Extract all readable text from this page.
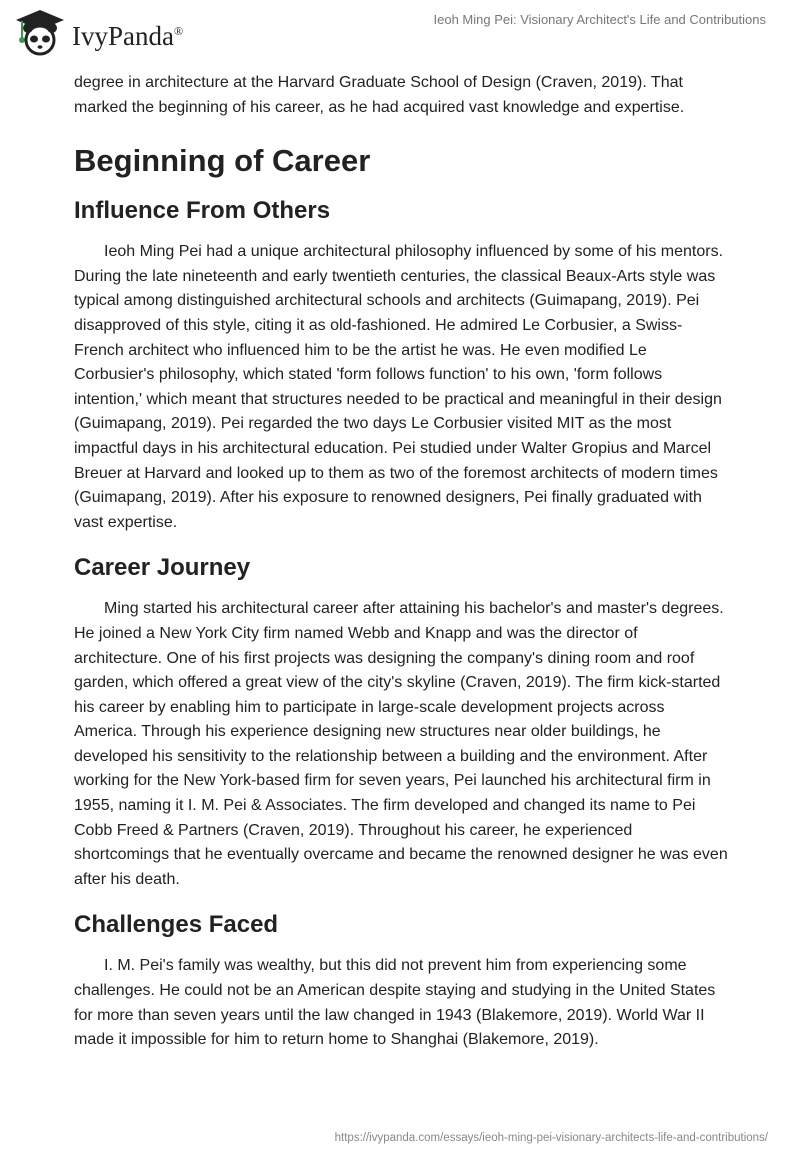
IvyPanda®
Ieoh Ming Pei: Visionary Architect's Life and Contributions

degree in architecture at the Harvard Graduate School of Design (Craven, 2019). That marked the beginning of his career, as he had acquired vast knowledge and expertise.

Beginning of Career
Influence From Others

Ieoh Ming Pei had a unique architectural philosophy influenced by some of his mentors. During the late nineteenth and early twentieth centuries, the classical Beaux-Arts style was typical among distinguished architectural schools and architects (Guimapang, 2019). Pei disapproved of this style, citing it as old-fashioned. He admired Le Corbusier, a Swiss-French architect who influenced him to be the artist he was. He even modified Le Corbusier's philosophy, which stated 'form follows function' to his own, 'form follows intention,' which meant that structures needed to be practical and meaningful in their design (Guimapang, 2019). Pei regarded the two days Le Corbusier visited MIT as the most impactful days in his architectural education. Pei studied under Walter Gropius and Marcel Breuer at Harvard and looked up to them as two of the foremost architects of modern times (Guimapang, 2019). After his exposure to renowned designers, Pei finally graduated with vast expertise.

Career Journey

Ming started his architectural career after attaining his bachelor's and master's degrees. He joined a New York City firm named Webb and Knapp and was the director of architecture. One of his first projects was designing the company's dining room and roof garden, which offered a great view of the city's skyline (Craven, 2019). The firm kick-started his career by enabling him to participate in large-scale development projects across America. Through his experience designing new structures near older buildings, he developed his sensitivity to the relationship between a building and the environment. After working for the New York-based firm for seven years, Pei launched his architectural firm in 1955, naming it I. M. Pei & Associates. The firm developed and changed its name to Pei Cobb Freed & Partners (Craven, 2019). Throughout his career, he experienced shortcomings that he eventually overcame and became the renowned designer he was even after his death.

Challenges Faced

I. M. Pei's family was wealthy, but this did not prevent him from experiencing some challenges. He could not be an American despite staying and studying in the United States for more than seven years until the law changed in 1943 (Blakemore, 2019). World War II made it impossible for him to return home to Shanghai (Blakemore, 2019).

https://ivypanda.com/essays/ieoh-ming-pei-visionary-architects-life-and-contributions/
